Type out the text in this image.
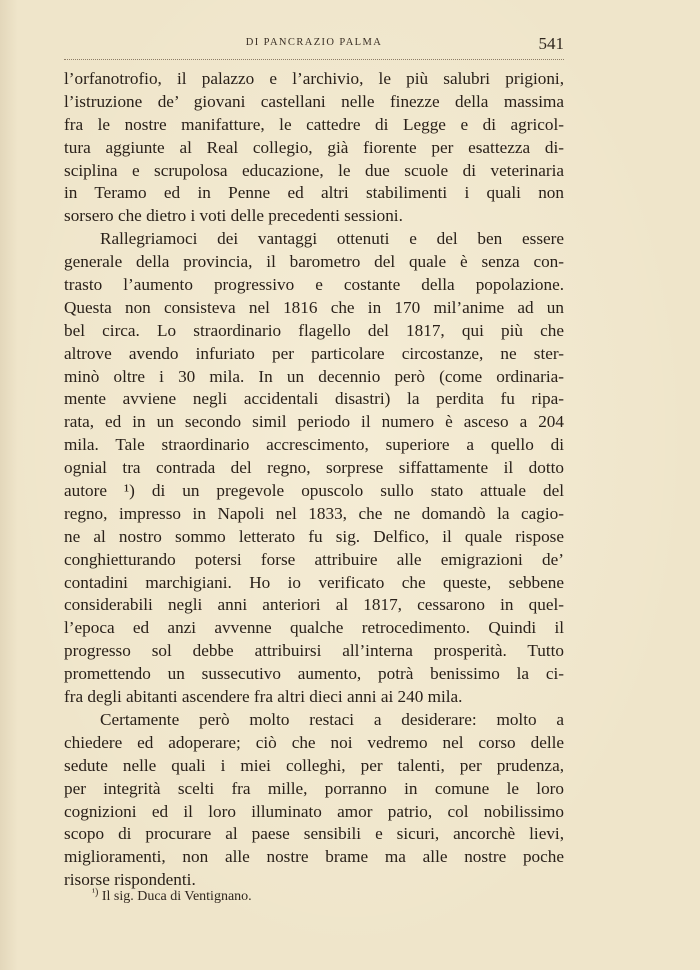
DI PANCRAZIO PALMA	541
l’orfanotrofio, il palazzo e l’archivio, le più salubri prigioni,
l’istruzione de’ giovani castellani nelle finezze della massima
fra le nostre manifatture, le cattedre di Legge e di agricol-
tura aggiunte al Real collegio, già fiorente per esattezza di-
sciplina e scrupolosa educazione, le due scuole di veterinaria
in Teramo ed in Penne ed altri stabilimenti i quali non
sorsero che dietro i voti delle precedenti sessioni.
Rallegriamoci dei vantaggi ottenuti e del ben essere
generale della provincia, il barometro del quale è senza con-
trasto l’aumento progressivo e costante della popolazione.
Questa non consisteva nel 1816 che in 170 mil’anime ad un
bel circa. Lo straordinario flagello del 1817, qui più che
altrove avendo infuriato per particolare circostanze, ne ster-
minò oltre i 30 mila. In un decennio però (come ordinaria-
mente avviene negli accidentali disastri) la perdita fu ripa-
rata, ed in un secondo simil periodo il numero è asceso a 204
mila. Tale straordinario accrescimento, superiore a quello di
ognial tra contrada del regno, sorprese siffattamente il dotto
autore ¹) di un pregevole opuscolo sullo stato attuale del
regno, impresso in Napoli nel 1833, che ne domandò la cagio-
ne al nostro sommo letterato fu sig. Delfico, il quale rispose
conghietturando potersi forse attribuire alle emigrazioni de’
contadini marchigiani. Ho io verificato che queste, sebbene
considerabili negli anni anteriori al 1817, cessarono in quel-
l’epoca ed anzi avvenne qualche retrocedimento. Quindi il
progresso sol debbe attribuirsi all’interna prosperità. Tutto
promettendo un sussecutivo aumento, potrà benissimo la ci-
fra degli abitanti ascendere fra altri dieci anni ai 240 mila.
Certamente però molto restaci a desiderare: molto a
chiedere ed adoperare; ciò che noi vedremo nel corso delle
sedute nelle quali i miei colleghi, per talenti, per prudenza,
per integrità scelti fra mille, porranno in comune le loro
cognizioni ed il loro illuminato amor patrio, col nobilissimo
scopo di procurare al paese sensibili e sicuri, ancorchè lievi,
miglioramenti, non alle nostre brame ma alle nostre poche
risorse rispondenti.
$^{^1)}$ Il sig. Duca di Ventignano.
